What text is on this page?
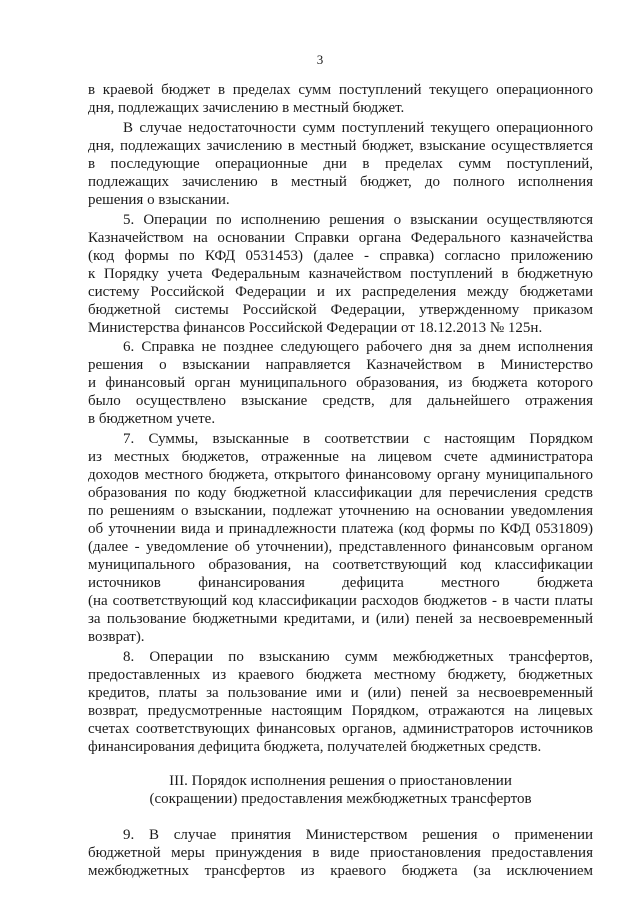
3
в краевой бюджет в пределах сумм поступлений текущего операционного
дня, подлежащих зачислению в местный бюджет.
В случае недостаточности сумм поступлений текущего операционного
дня, подлежащих зачислению в местный бюджет, взыскание осуществляется
в последующие операционные дни в пределах сумм поступлений,
подлежащих зачислению в местный бюджет, до полного исполнения
решения о взыскании.
5. Операции по исполнению решения о взыскании осуществляются
Казначейством на основании Справки органа Федерального казначейства
(код формы по КФД 0531453) (далее - справка) согласно приложению
к Порядку учета Федеральным казначейством поступлений в бюджетную
систему Российской Федерации и их распределения между бюджетами
бюджетной системы Российской Федерации, утвержденному приказом
Министерства финансов Российской Федерации от 18.12.2013 № 125н.
6. Справка не позднее следующего рабочего дня за днем исполнения
решения о взыскании направляется Казначейством в Министерство
и финансовый орган муниципального образования, из бюджета которого
было осуществлено взыскание средств, для дальнейшего отражения
в бюджетном учете.
7. Суммы, взысканные в соответствии с настоящим Порядком
из местных бюджетов, отраженные на лицевом счете администратора
доходов местного бюджета, открытого финансовому органу муниципального
образования по коду бюджетной классификации для перечисления средств
по решениям о взыскании, подлежат уточнению на основании уведомления
об уточнении вида и принадлежности платежа (код формы по КФД 0531809)
(далее - уведомление об уточнении), представленного финансовым органом
муниципального образования, на соответствующий код классификации
источников финансирования дефицита местного бюджета
(на соответствующий код классификации расходов бюджетов - в части платы
за пользование бюджетными кредитами, и (или) пеней за несвоевременный
возврат).
8. Операции по взысканию сумм межбюджетных трансфертов,
предоставленных из краевого бюджета местному бюджету, бюджетных
кредитов, платы за пользование ими и (или) пеней за несвоевременный
возврат, предусмотренные настоящим Порядком, отражаются на лицевых
счетах соответствующих финансовых органов, администраторов источников
финансирования дефицита бюджета, получателей бюджетных средств.
III. Порядок исполнения решения о приостановлении
(сокращении) предоставления межбюджетных трансфертов
9. В случае принятия Министерством решения о применении
бюджетной меры принуждения в виде приостановления предоставления
межбюджетных трансфертов из краевого бюджета (за исключением
